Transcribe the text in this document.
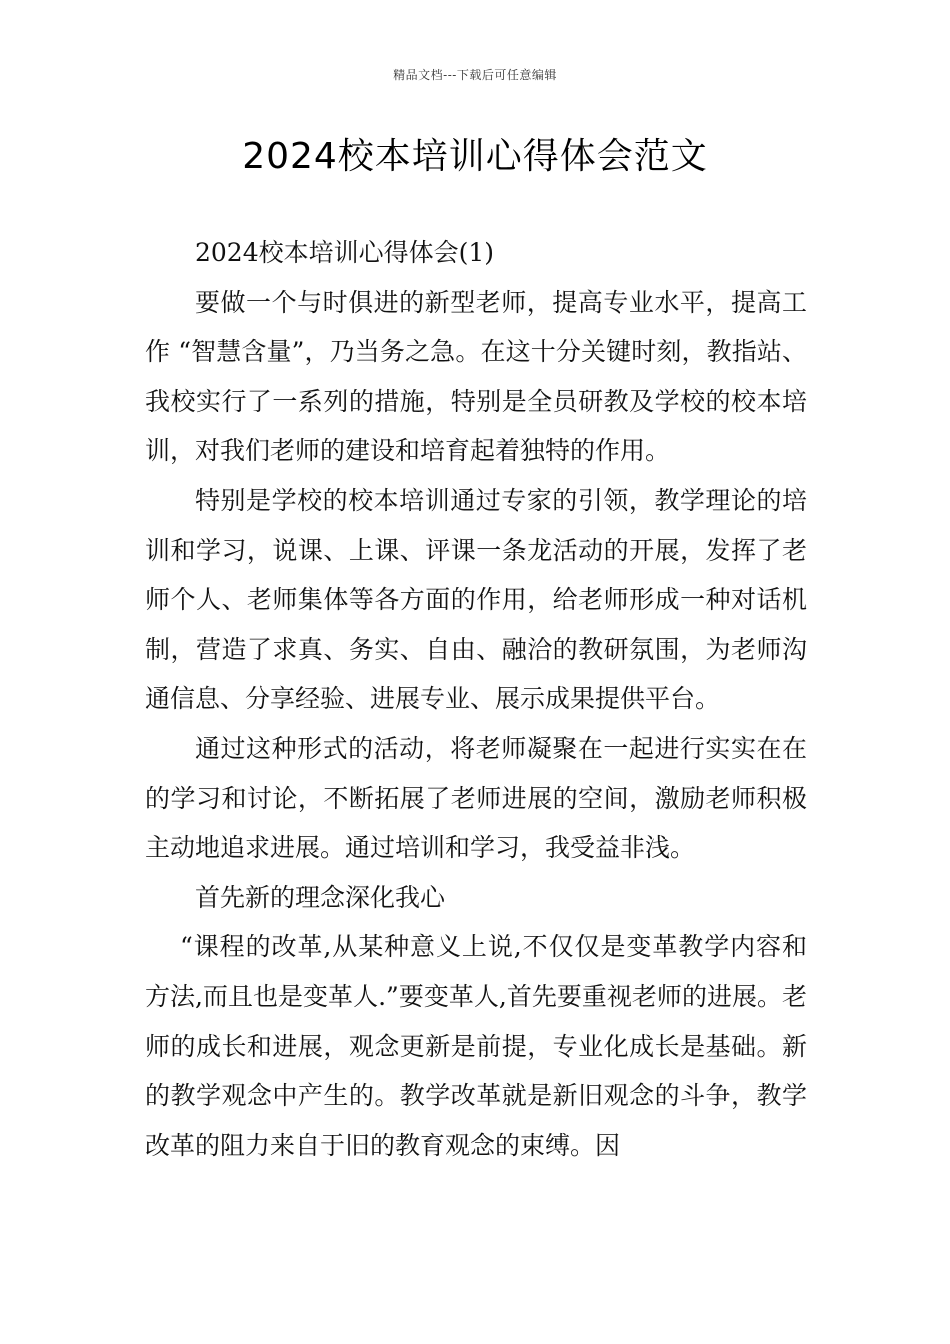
精品文档---下载后可任意编辑
2024校本培训心得体会范文

2024校本培训心得体会(1)

要做一个与时俱进的新型老师，提高专业水平，提高工作 “智慧含量”，乃当务之急。在这十分关键时刻，教指站、我校实行了一系列的措施，特别是全员研教及学校的校本培训，对我们老师的建设和培育起着独特的作用。

特别是学校的校本培训通过专家的引领，教学理论的培训和学习，说课、上课、评课一条龙活动的开展，发挥了老师个人、老师集体等各方面的作用，给老师形成一种对话机制，营造了求真、务实、自由、融洽的教研氛围，为老师沟通信息、分享经验、进展专业、展示成果提供平台。

通过这种形式的活动，将老师凝聚在一起进行实实在在的学习和讨论，不断拓展了老师进展的空间，激励老师积极主动地追求进展。通过培训和学习，我受益非浅。

首先新的理念深化我心

“课程的改革,从某种意义上说,不仅仅是变革教学内容和方法,而且也是变革人.”要变革人,首先要重视老师的进展。老师的成长和进展，观念更新是前提，专业化成长是基础。新的教学观念中产生的。教学改革就是新旧观念的斗争，教学改革的阻力来自于旧的教育观念的束缚。因
